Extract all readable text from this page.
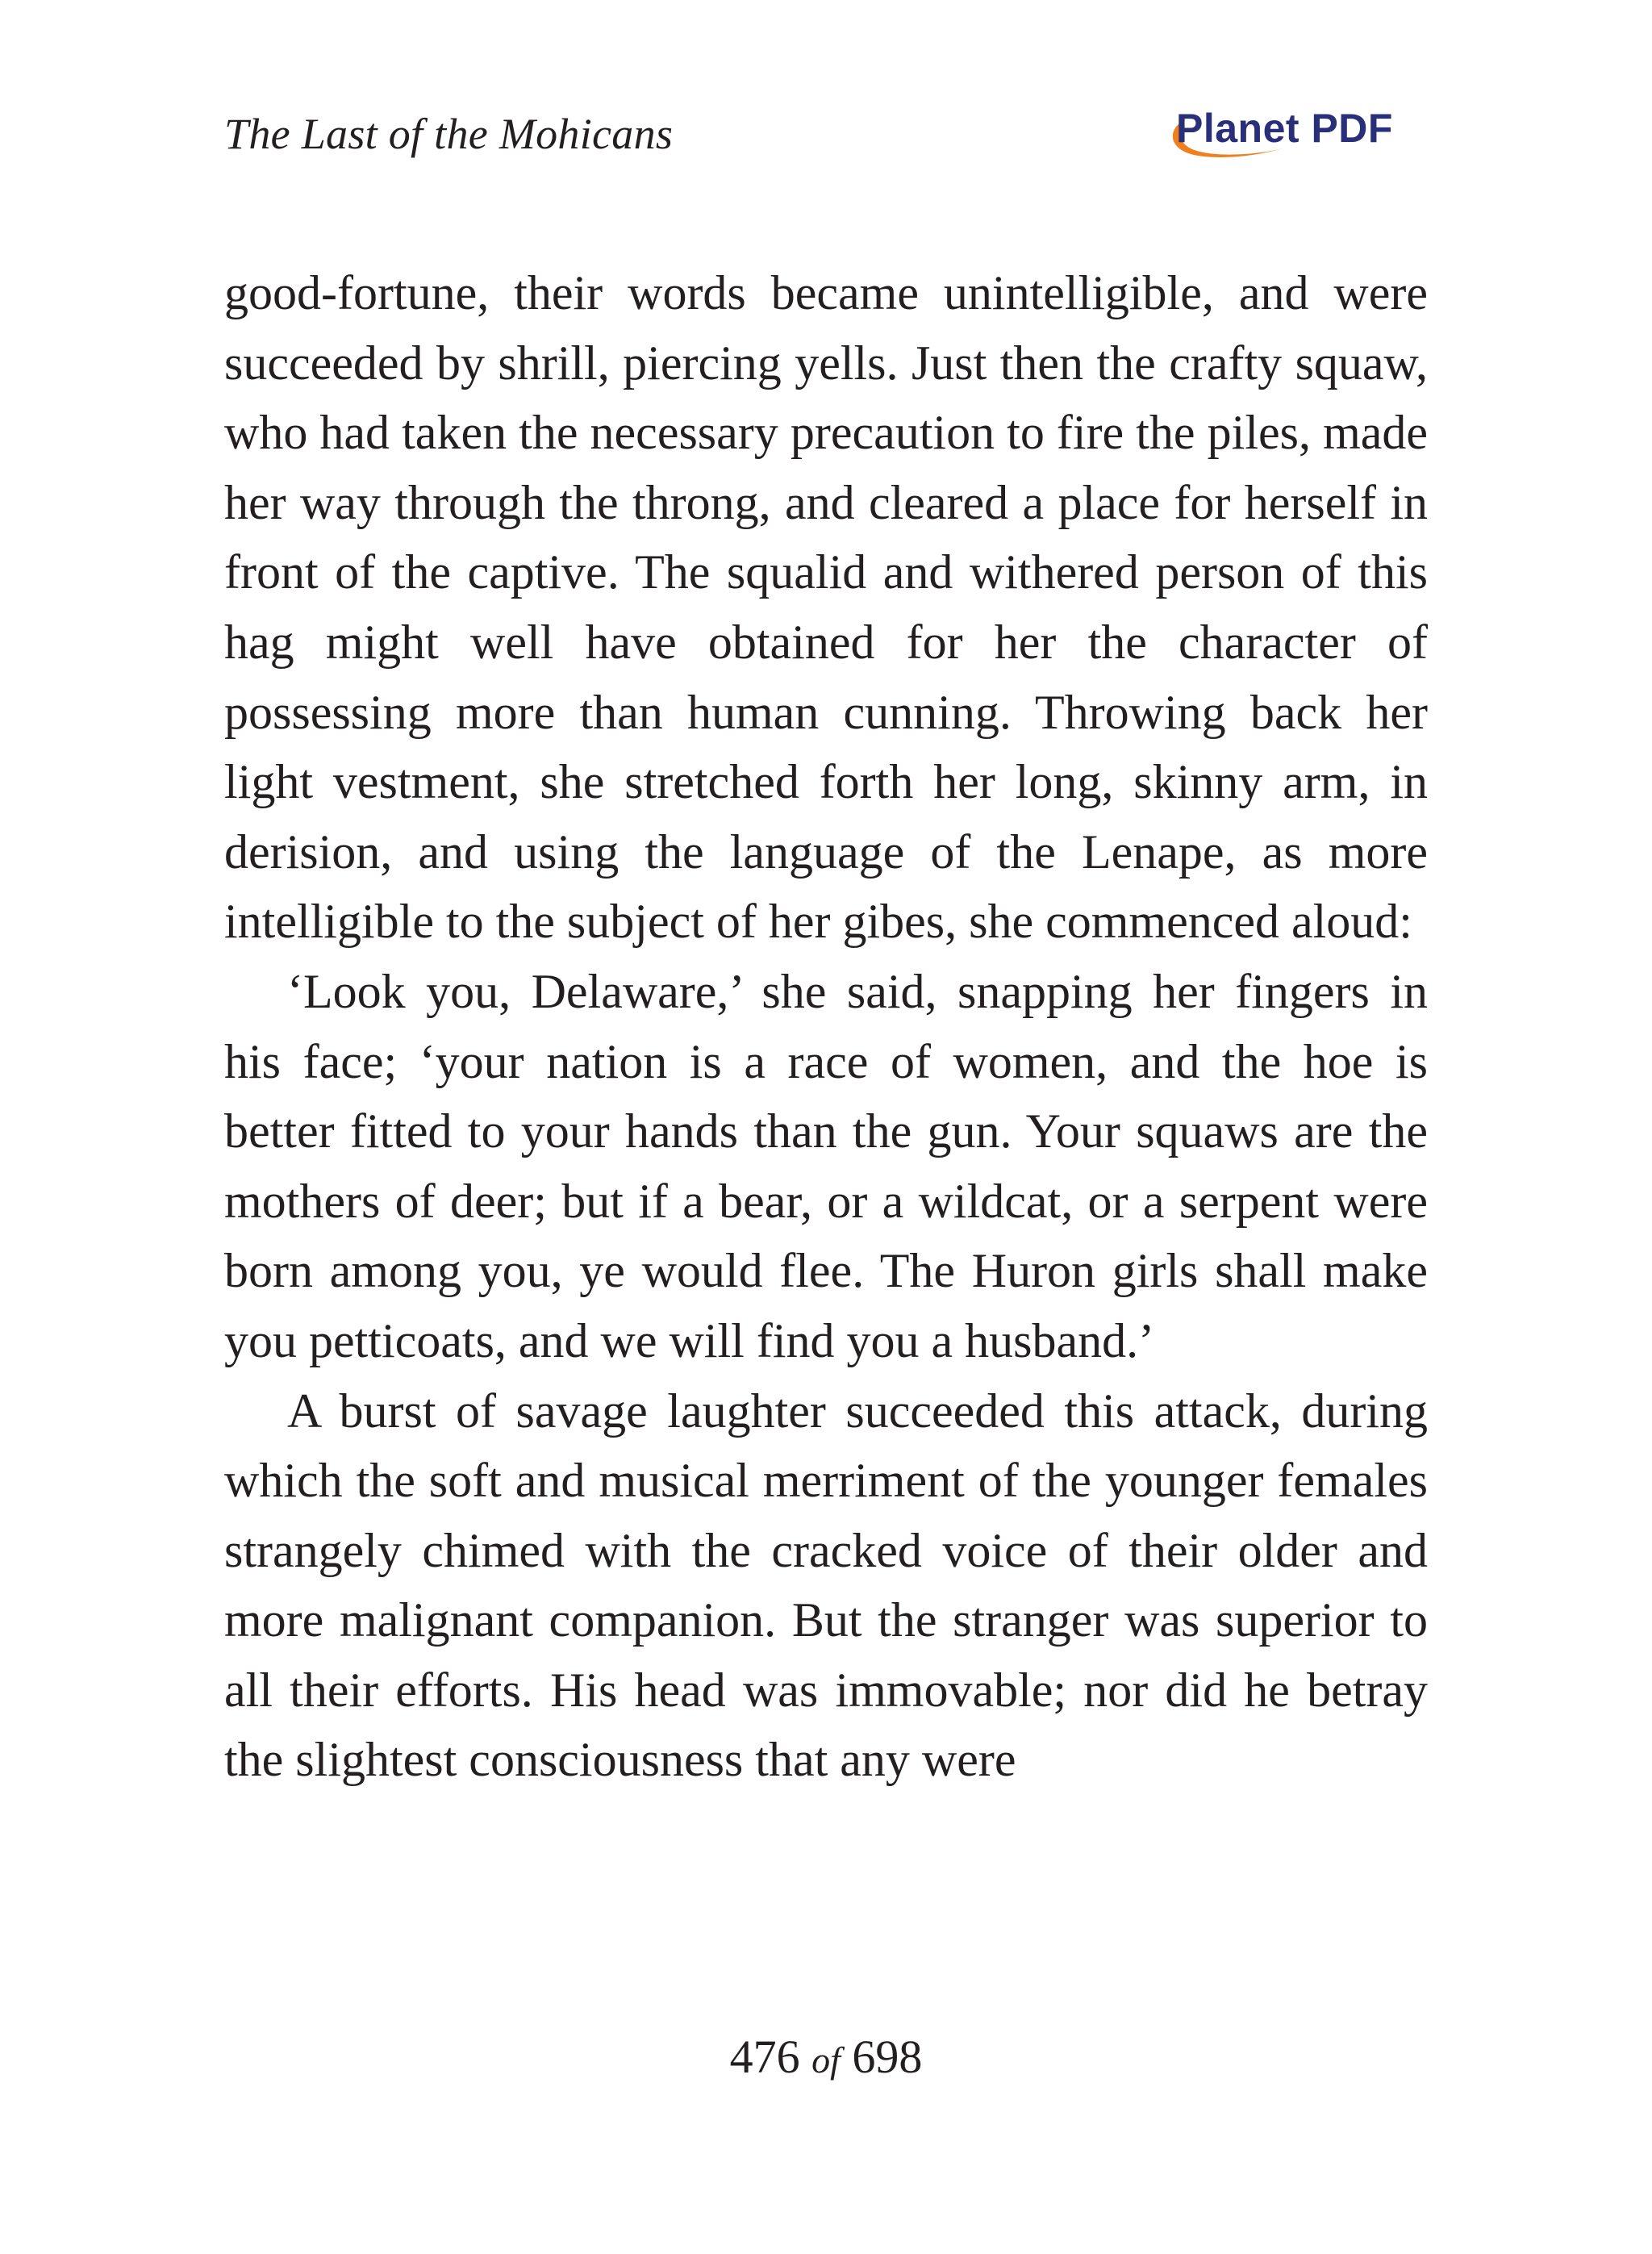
The Last of the Mohicans	Planet PDF

good-fortune, their words became unintelligible, and were succeeded by shrill, piercing yells. Just then the crafty squaw, who had taken the necessary precaution to fire the piles, made her way through the throng, and cleared a place for herself in front of the captive. The squalid and withered person of this hag might well have obtained for her the character of possessing more than human cunning. Throwing back her light vestment, she stretched forth her long, skinny arm, in derision, and using the language of the Lenape, as more intelligible to the subject of her gibes, she commenced aloud:

‘Look you, Delaware,’ she said, snapping her fingers in his face; ‘your nation is a race of women, and the hoe is better fitted to your hands than the gun. Your squaws are the mothers of deer; but if a bear, or a wildcat, or a serpent were born among you, ye would flee. The Huron girls shall make you petticoats, and we will find you a husband.’

A burst of savage laughter succeeded this attack, during which the soft and musical merriment of the younger females strangely chimed with the cracked voice of their older and more malignant companion. But the stranger was superior to all their efforts. His head was immovable; nor did he betray the slightest consciousness that any were

476 of 698
